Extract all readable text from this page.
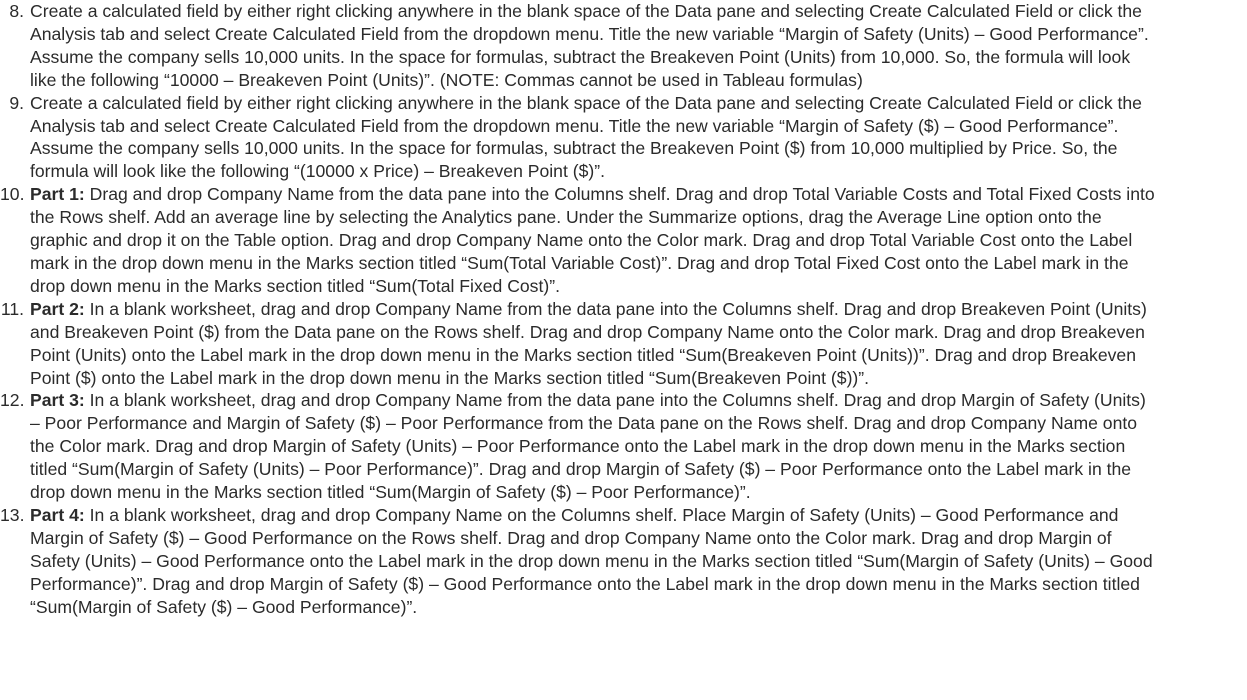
8. Create a calculated field by either right clicking anywhere in the blank space of the Data pane and selecting Create Calculated Field or click the Analysis tab and select Create Calculated Field from the dropdown menu. Title the new variable “Margin of Safety (Units) – Good Performance”. Assume the company sells 10,000 units. In the space for formulas, subtract the Breakeven Point (Units) from 10,000. So, the formula will look like the following “10000 – Breakeven Point (Units)”. (NOTE: Commas cannot be used in Tableau formulas)
9. Create a calculated field by either right clicking anywhere in the blank space of the Data pane and selecting Create Calculated Field or click the Analysis tab and select Create Calculated Field from the dropdown menu. Title the new variable “Margin of Safety ($) – Good Performance”. Assume the company sells 10,000 units. In the space for formulas, subtract the Breakeven Point ($) from 10,000 multiplied by Price. So, the formula will look like the following “(10000 x Price) – Breakeven Point ($)”.
10. Part 1: Drag and drop Company Name from the data pane into the Columns shelf. Drag and drop Total Variable Costs and Total Fixed Costs into the Rows shelf. Add an average line by selecting the Analytics pane. Under the Summarize options, drag the Average Line option onto the graphic and drop it on the Table option. Drag and drop Company Name onto the Color mark. Drag and drop Total Variable Cost onto the Label mark in the drop down menu in the Marks section titled “Sum(Total Variable Cost)”. Drag and drop Total Fixed Cost onto the Label mark in the drop down menu in the Marks section titled “Sum(Total Fixed Cost)”.
11. Part 2: In a blank worksheet, drag and drop Company Name from the data pane into the Columns shelf. Drag and drop Breakeven Point (Units) and Breakeven Point ($) from the Data pane on the Rows shelf. Drag and drop Company Name onto the Color mark. Drag and drop Breakeven Point (Units) onto the Label mark in the drop down menu in the Marks section titled “Sum(Breakeven Point (Units))”. Drag and drop Breakeven Point ($) onto the Label mark in the drop down menu in the Marks section titled “Sum(Breakeven Point ($))”.
12. Part 3: In a blank worksheet, drag and drop Company Name from the data pane into the Columns shelf. Drag and drop Margin of Safety (Units) – Poor Performance and Margin of Safety ($) – Poor Performance from the Data pane on the Rows shelf. Drag and drop Company Name onto the Color mark. Drag and drop Margin of Safety (Units) – Poor Performance onto the Label mark in the drop down menu in the Marks section titled “Sum(Margin of Safety (Units) – Poor Performance)”. Drag and drop Margin of Safety ($) – Poor Performance onto the Label mark in the drop down menu in the Marks section titled “Sum(Margin of Safety ($) – Poor Performance)”.
13. Part 4: In a blank worksheet, drag and drop Company Name on the Columns shelf. Place Margin of Safety (Units) – Good Performance and Margin of Safety ($) – Good Performance on the Rows shelf. Drag and drop Company Name onto the Color mark. Drag and drop Margin of Safety (Units) – Good Performance onto the Label mark in the drop down menu in the Marks section titled “Sum(Margin of Safety (Units) – Good Performance)”. Drag and drop Margin of Safety ($) – Good Performance onto the Label mark in the drop down menu in the Marks section titled “Sum(Margin of Safety ($) – Good Performance)”.
